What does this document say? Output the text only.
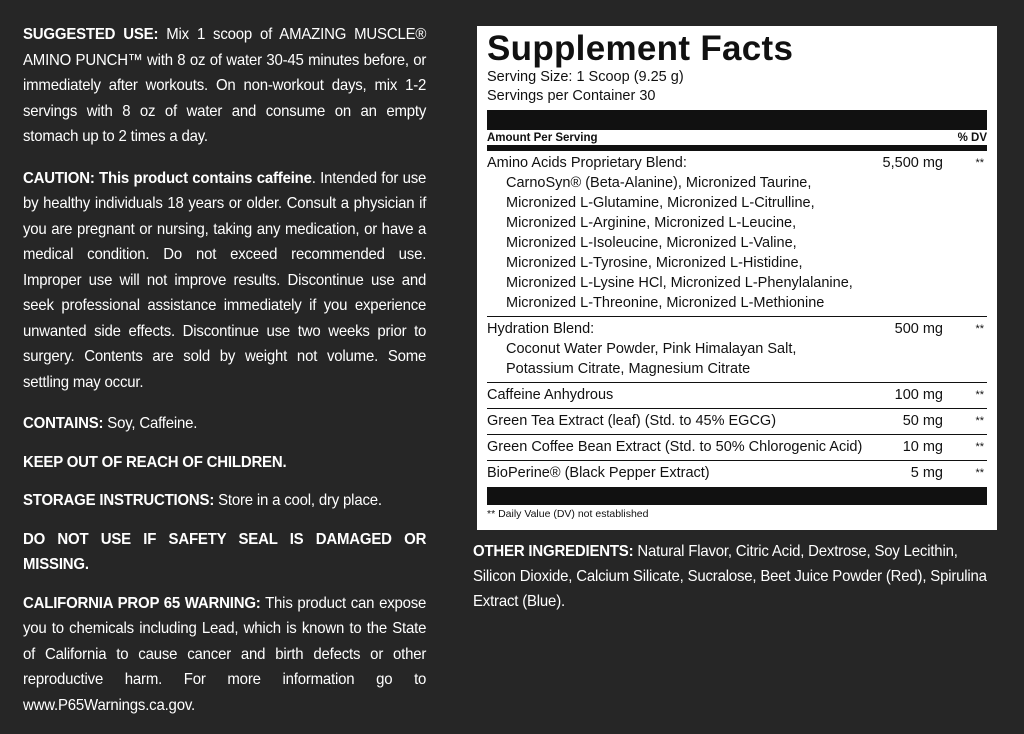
SUGGESTED USE: Mix 1 scoop of AMAZING MUSCLE® AMINO PUNCH™ with 8 oz of water 30-45 minutes before, or immediately after workouts. On non-workout days, mix 1-2 servings with 8 oz of water and consume on an empty stomach up to 2 times a day.

CAUTION: This product contains caffeine. Intended for use by healthy individuals 18 years or older. Consult a physician if you are pregnant or nursing, taking any medication, or have a medical condition. Do not exceed recommended use. Improper use will not improve results. Discontinue use and seek professional assistance immediately if you experience unwanted side effects. Discontinue use two weeks prior to surgery. Contents are sold by weight not volume. Some settling may occur.

CONTAINS: Soy, Caffeine.

KEEP OUT OF REACH OF CHILDREN.

STORAGE INSTRUCTIONS: Store in a cool, dry place.

DO NOT USE IF SAFETY SEAL IS DAMAGED OR MISSING.

CALIFORNIA PROP 65 WARNING: This product can expose you to chemicals including Lead, which is known to the State of California to cause cancer and birth defects or other reproductive harm. For more information go to www.P65Warnings.ca.gov.

Supplement Facts
Serving Size: 1 Scoop (9.25 g)
Servings per Container 30
Amount Per Serving	% DV
Amino Acids Proprietary Blend:	5,500 mg	**
CarnoSyn® (Beta-Alanine), Micronized Taurine,
Micronized L-Glutamine, Micronized L-Citrulline,
Micronized L-Arginine, Micronized L-Leucine,
Micronized L-Isoleucine, Micronized L-Valine,
Micronized L-Tyrosine, Micronized L-Histidine,
Micronized L-Lysine HCl, Micronized L-Phenylalanine,
Micronized L-Threonine, Micronized L-Methionine
Hydration Blend:	500 mg	**
Coconut Water Powder, Pink Himalayan Salt,
Potassium Citrate, Magnesium Citrate
Caffeine Anhydrous	100 mg	**
Green Tea Extract (leaf) (Std. to 45% EGCG)	50 mg	**
Green Coffee Bean Extract (Std. to 50% Chlorogenic Acid)	10 mg	**
BioPerine® (Black Pepper Extract)	5 mg	**
** Daily Value (DV) not established
OTHER INGREDIENTS: Natural Flavor, Citric Acid, Dextrose, Soy Lecithin, Silicon Dioxide, Calcium Silicate, Sucralose, Beet Juice Powder (Red), Spirulina Extract (Blue).
